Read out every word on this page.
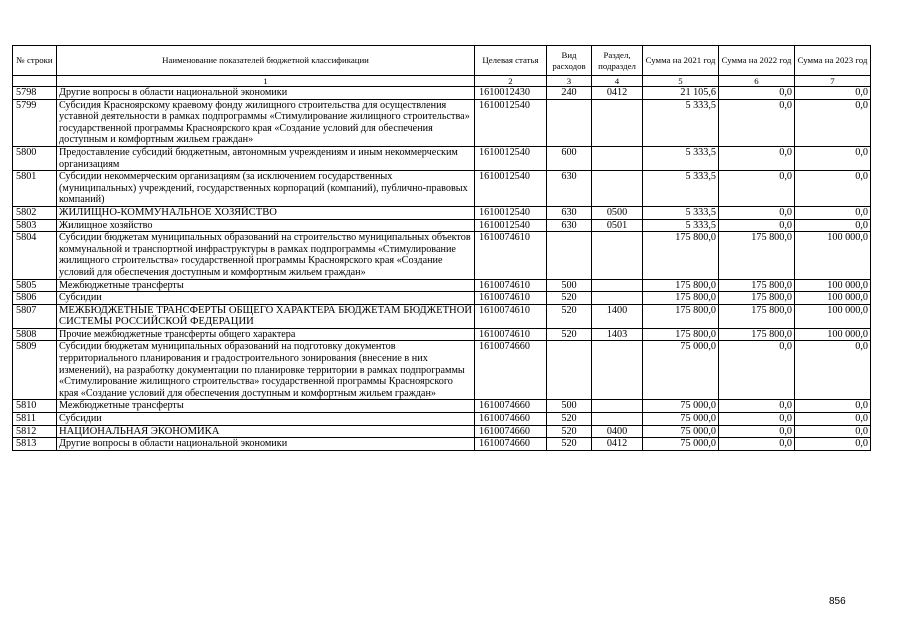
№ строки	Наименование показателей бюджетной классификации	Целевая статья	Вид расходов	Раздел, подраздел	Сумма на 2021 год	Сумма на 2022 год	Сумма на 2023 год
	1	2	3	4	5	6	7
5798	Другие вопросы в области национальной экономики	1610012430	240	0412	21 105,6	0,0	0,0
5799	Субсидия Красноярскому краевому фонду жилищного строительства для осуществления уставной деятельности в рамках подпрограммы «Стимулирование жилищного строительства» государственной программы Красноярского края «Создание условий для обеспечения доступным и комфортным жильем граждан»	1610012540			5 333,5	0,0	0,0
5800	Предоставление субсидий бюджетным, автономным учреждениям и иным некоммерческим организациям	1610012540	600		5 333,5	0,0	0,0
5801	Субсидии некоммерческим организациям (за исключением государственных (муниципальных) учреждений, государственных корпораций (компаний), публично-правовых компаний)	1610012540	630		5 333,5	0,0	0,0
5802	ЖИЛИЩНО-КОММУНАЛЬНОЕ ХОЗЯЙСТВО	1610012540	630	0500	5 333,5	0,0	0,0
5803	Жилищное хозяйство	1610012540	630	0501	5 333,5	0,0	0,0
5804	Субсидии бюджетам муниципальных образований на строительство муниципальных объектов коммунальной и транспортной инфраструктуры в рамках подпрограммы «Стимулирование жилищного строительства» государственной программы Красноярского края «Создание условий для обеспечения доступным и комфортным жильем граждан»	1610074610			175 800,0	175 800,0	100 000,0
5805	Межбюджетные трансферты	1610074610	500		175 800,0	175 800,0	100 000,0
5806	Субсидии	1610074610	520		175 800,0	175 800,0	100 000,0
5807	МЕЖБЮДЖЕТНЫЕ ТРАНСФЕРТЫ ОБЩЕГО ХАРАКТЕРА БЮДЖЕТАМ БЮДЖЕТНОЙ СИСТЕМЫ РОССИЙСКОЙ ФЕДЕРАЦИИ	1610074610	520	1400	175 800,0	175 800,0	100 000,0
5808	Прочие межбюджетные трансферты общего характера	1610074610	520	1403	175 800,0	175 800,0	100 000,0
5809	Субсидии бюджетам муниципальных образований на подготовку документов территориального планирования и градостроительного зонирования (внесение в них изменений), на разработку документации по планировке территории в рамках подпрограммы «Стимулирование жилищного строительства» государственной программы Красноярского края «Создание условий для обеспечения доступным и комфортным жильем граждан»	1610074660			75 000,0	0,0	0,0
5810	Межбюджетные трансферты	1610074660	500		75 000,0	0,0	0,0
5811	Субсидии	1610074660	520		75 000,0	0,0	0,0
5812	НАЦИОНАЛЬНАЯ ЭКОНОМИКА	1610074660	520	0400	75 000,0	0,0	0,0
5813	Другие вопросы в области национальной экономики	1610074660	520	0412	75 000,0	0,0	0,0
856
